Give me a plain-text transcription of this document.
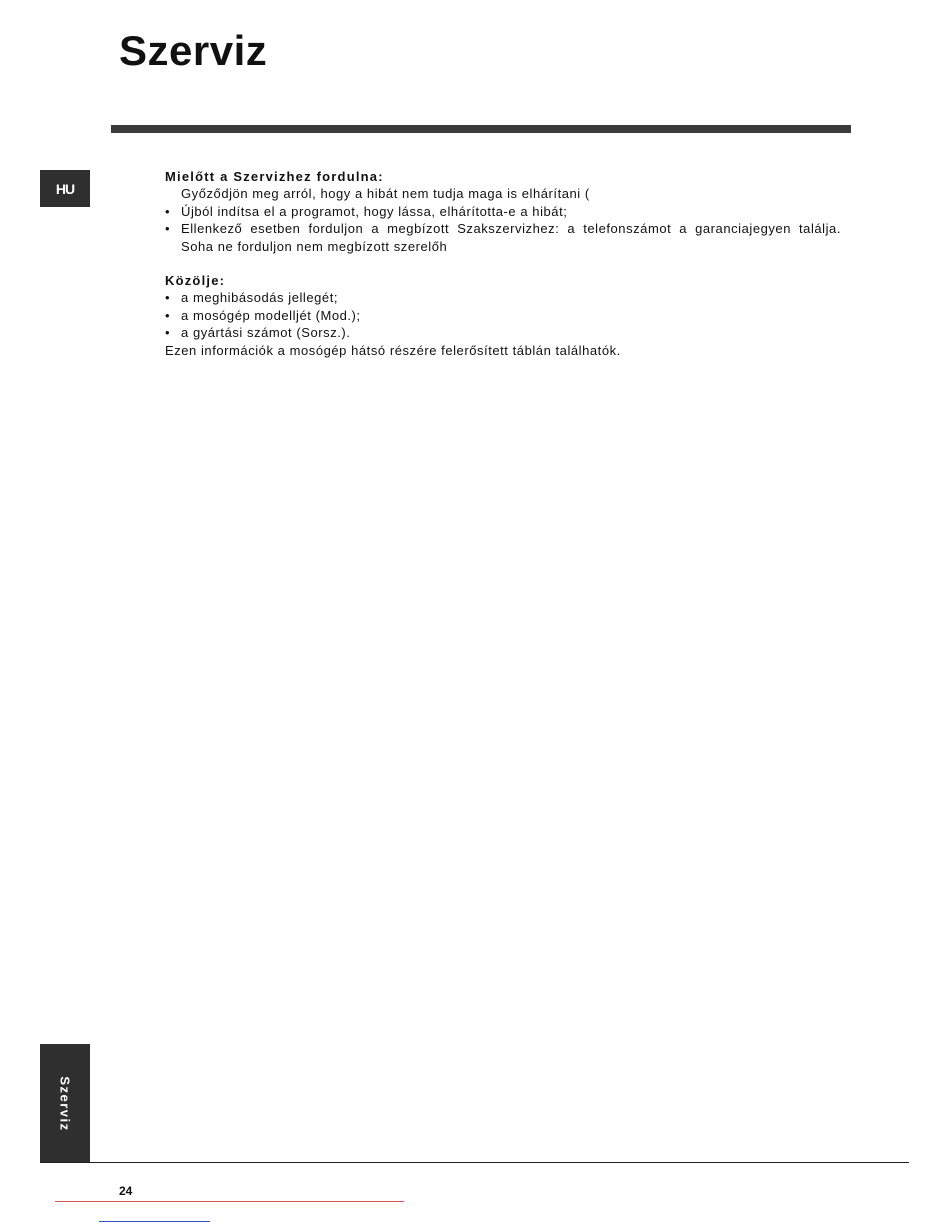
Szerviz
HU
Mielőtt a Szervizhez fordulna:
Győződjön meg arról, hogy a hibát nem tudja maga is elhárítani (
• Újból indítsa el a programot, hogy lássa, elhárította-e a hibát;
• Ellenkező esetben forduljon a megbízott Szakszervizhez: a telefonszámot a garanciajegyen találja.
Soha ne forduljon nem megbízott szerelőh
Közölje:
• a meghibásodás jellegét;
• a mosógép modelljét (Mod.);
• a gyártási számot (Sorsz.).
Ezen információk a mosógép hátsó részére felerősített táblán találhatók.
Szerviz
24
